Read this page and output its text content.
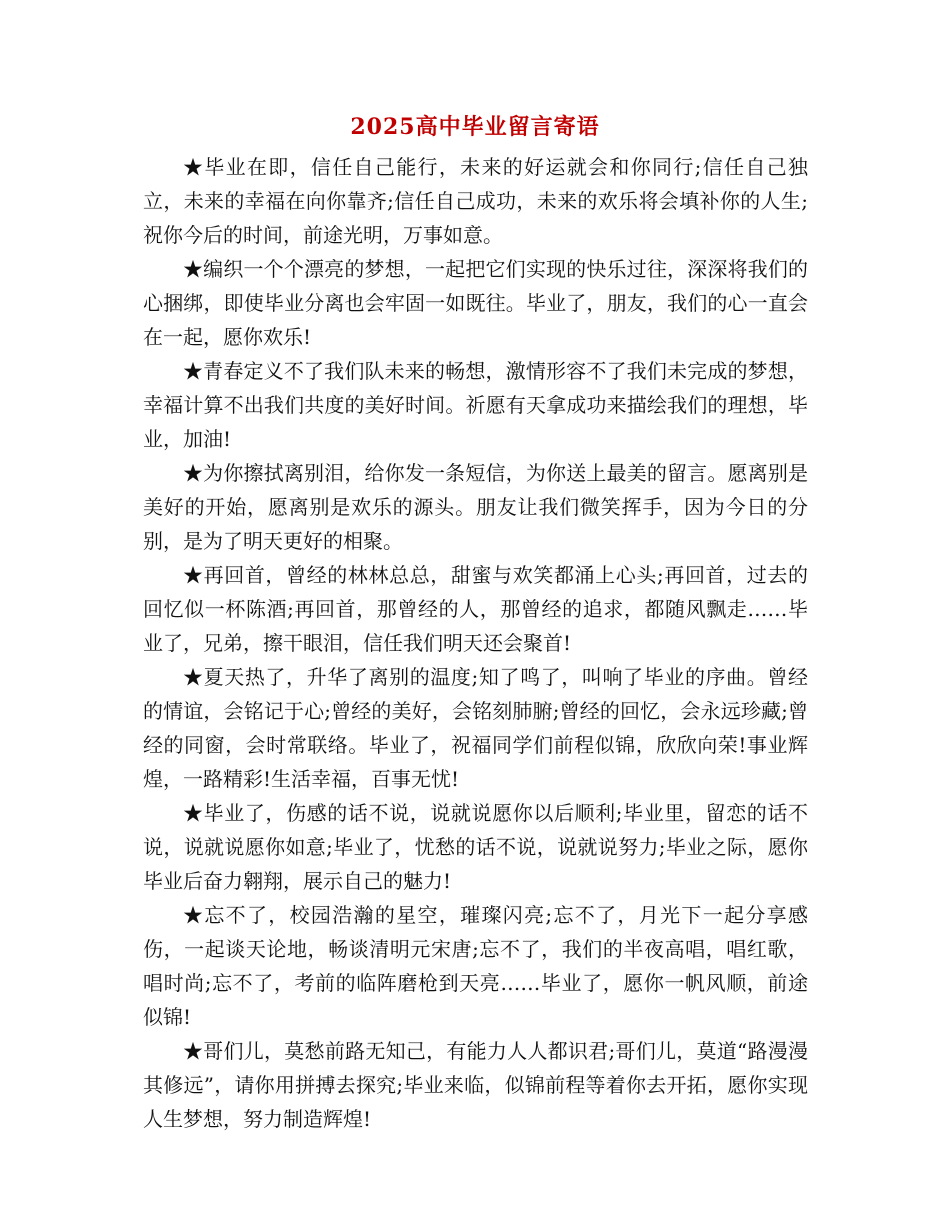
2025高中毕业留言寄语

★毕业在即，信任自己能行，未来的好运就会和你同行;信任自己独立，未来的幸福在向你靠齐;信任自己成功，未来的欢乐将会填补你的人生;祝你今后的时间，前途光明，万事如意。

★编织一个个漂亮的梦想，一起把它们实现的快乐过往，深深将我们的心捆绑，即使毕业分离也会牢固一如既往。毕业了，朋友，我们的心一直会在一起，愿你欢乐!

★青春定义不了我们队未来的畅想，激情形容不了我们未完成的梦想，幸福计算不出我们共度的美好时间。祈愿有天拿成功来描绘我们的理想，毕业，加油!

★为你擦拭离别泪，给你发一条短信，为你送上最美的留言。愿离别是美好的开始，愿离别是欢乐的源头。朋友让我们微笑挥手，因为今日的分别，是为了明天更好的相聚。

★再回首，曾经的林林总总，甜蜜与欢笑都涌上心头;再回首，过去的回忆似一杯陈酒;再回首，那曾经的人，那曾经的追求，都随风飘走……毕业了，兄弟，擦干眼泪，信任我们明天还会聚首!

★夏天热了，升华了离别的温度;知了鸣了，叫响了毕业的序曲。曾经的情谊，会铭记于心;曾经的美好，会铭刻肺腑;曾经的回忆，会永远珍藏;曾经的同窗，会时常联络。毕业了，祝福同学们前程似锦，欣欣向荣!事业辉煌，一路精彩!生活幸福，百事无忧!

★毕业了，伤感的话不说，说就说愿你以后顺利;毕业里，留恋的话不说，说就说愿你如意;毕业了，忧愁的话不说，说就说努力;毕业之际，愿你毕业后奋力翱翔，展示自己的魅力!

★忘不了，校园浩瀚的星空，璀璨闪亮;忘不了，月光下一起分享感伤，一起谈天论地，畅谈清明元宋唐;忘不了，我们的半夜高唱，唱红歌，唱时尚;忘不了，考前的临阵磨枪到天亮……毕业了，愿你一帆风顺，前途似锦!

★哥们儿，莫愁前路无知己，有能力人人都识君;哥们儿，莫道“路漫漫其修远”，请你用拼搏去探究;毕业来临，似锦前程等着你去开拓，愿你实现人生梦想，努力制造辉煌!
